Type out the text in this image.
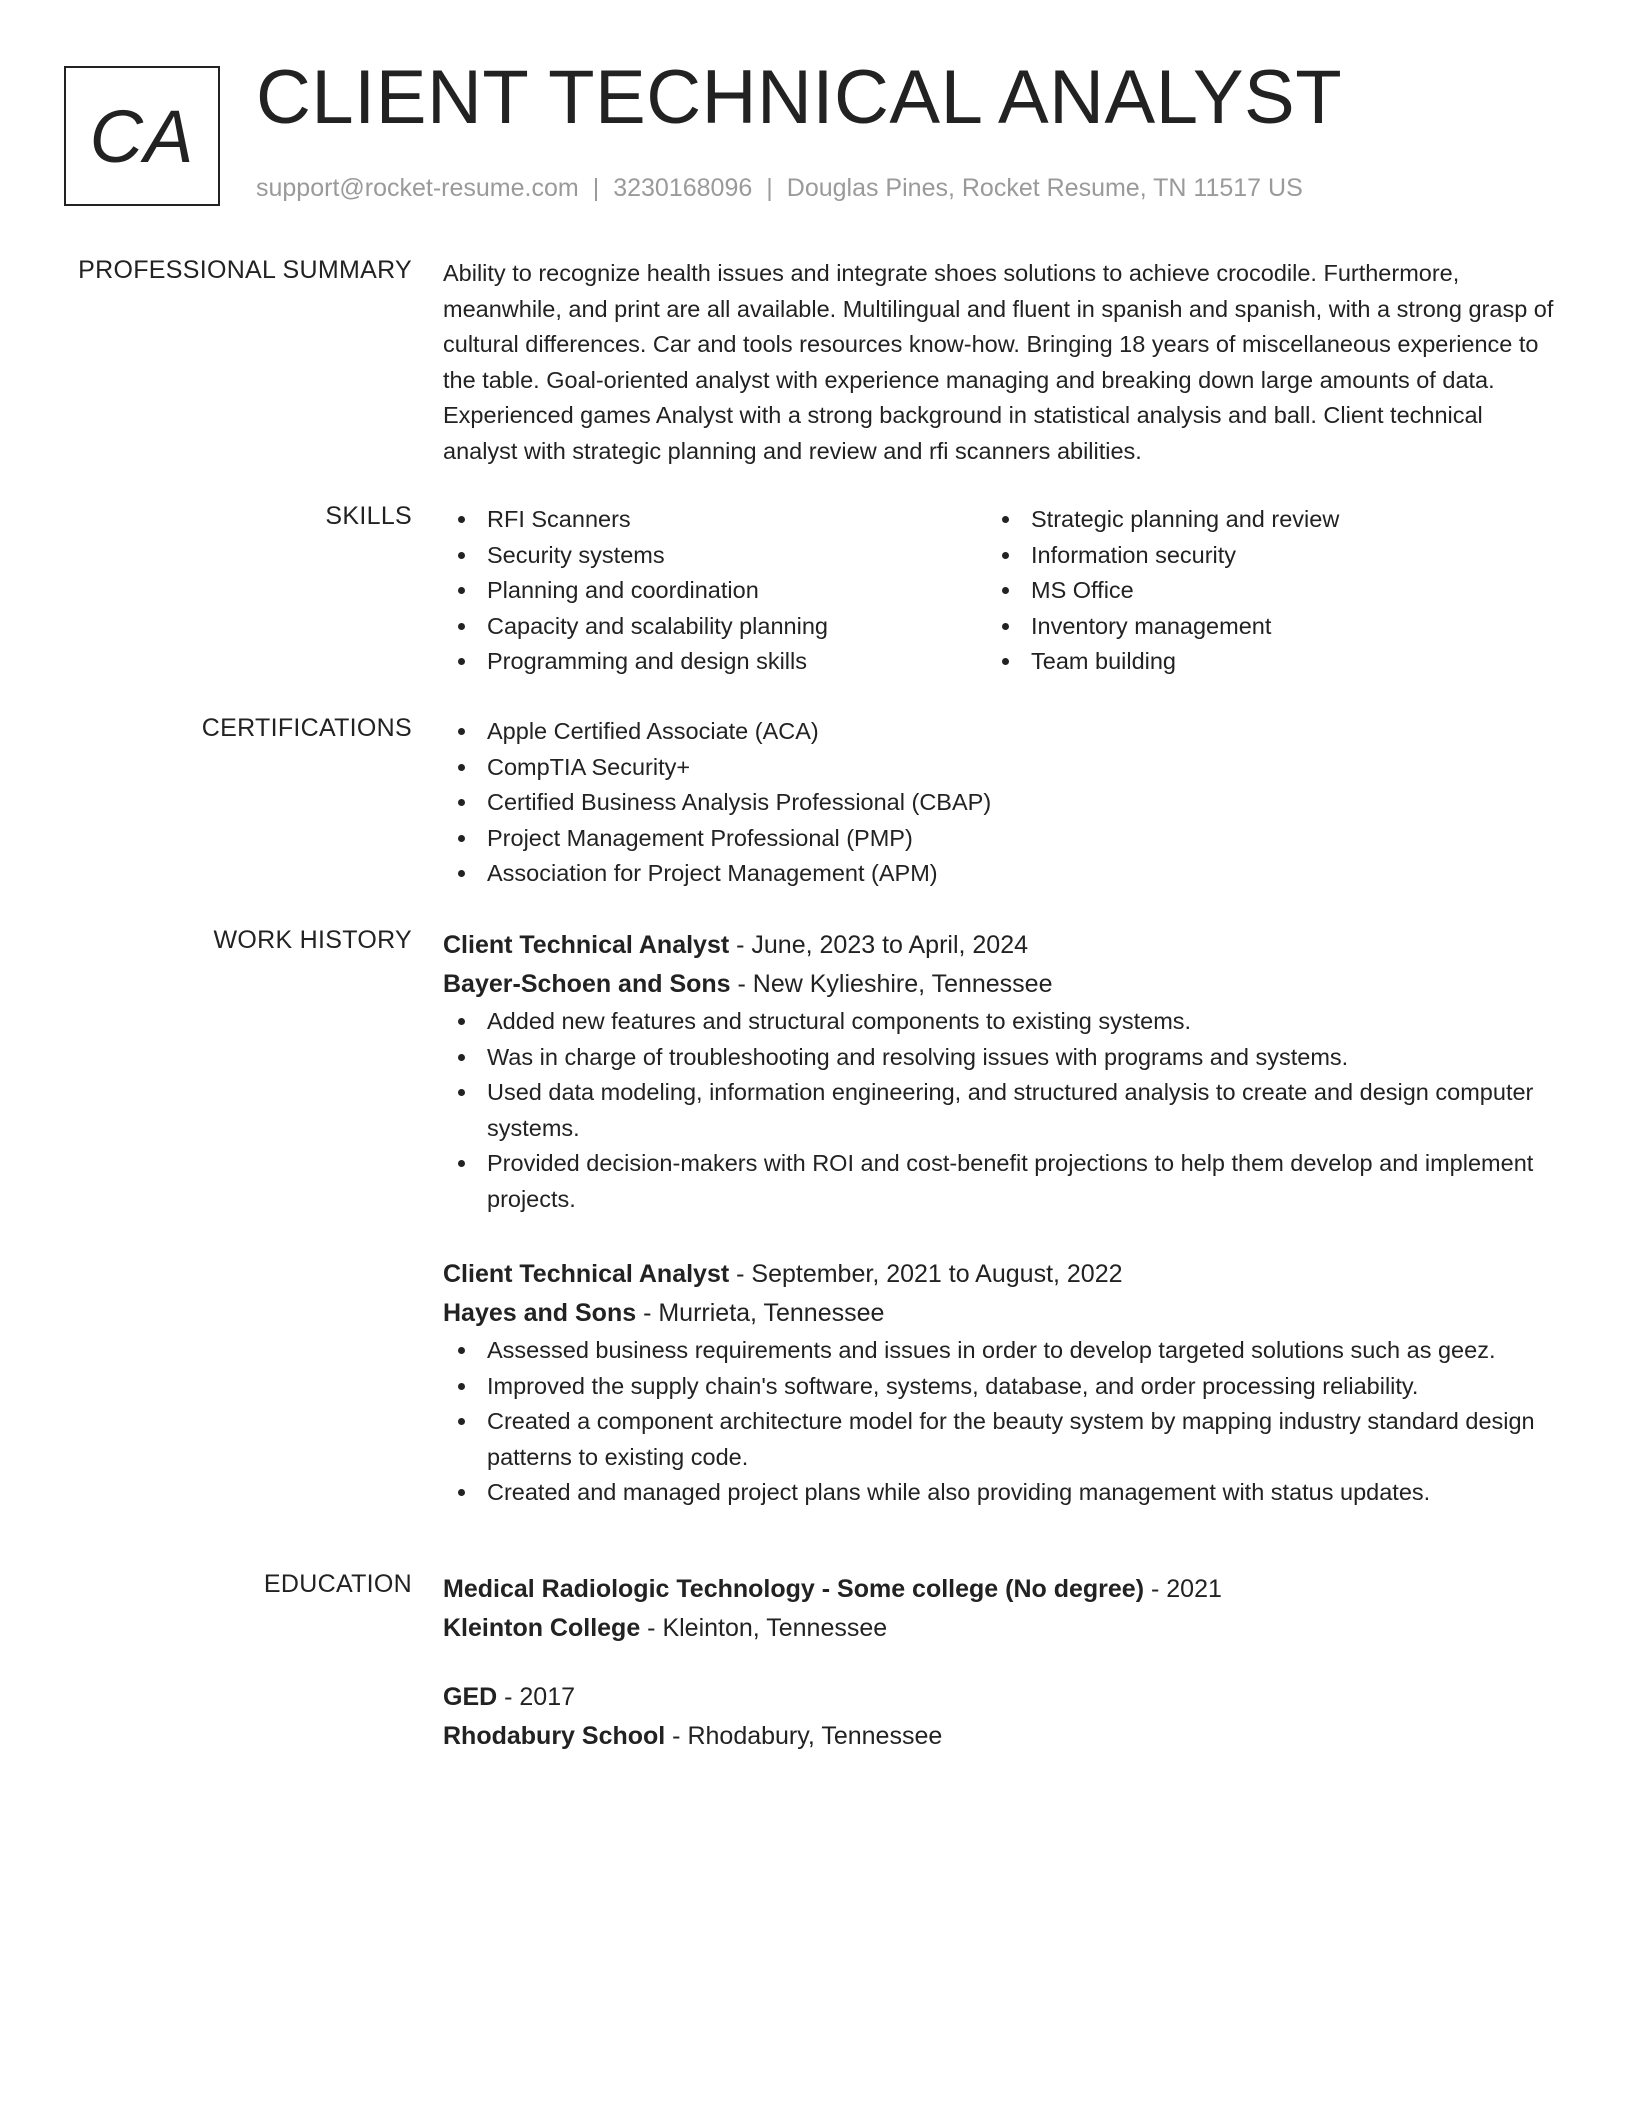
CA CLIENT TECHNICAL ANALYST
support@rocket-resume.com | 3230168096 | Douglas Pines, Rocket Resume, TN 11517 US
PROFESSIONAL SUMMARY Ability to recognize health issues and integrate shoes solutions to achieve crocodile. Furthermore, meanwhile, and print are all available. Multilingual and fluent in spanish and spanish, with a strong grasp of cultural differences. Car and tools resources know-how. Bringing 18 years of miscellaneous experience to the table. Goal-oriented analyst with experience managing and breaking down large amounts of data. Experienced games Analyst with a strong background in statistical analysis and ball. Client technical analyst with strategic planning and review and rfi scanners abilities.

SKILLS	RFI Scanners
Security systems
Planning and coordination
Capacity and scalability planning
Programming and design skills
Strategic planning and review
Information security
MS Office
Inventory management
Team building
CERTIFICATIONS	Apple Certified Associate (ACA)
CompTIA Security+
Certified Business Analysis Professional (CBAP)
Project Management Professional (PMP)
Association for Project Management (APM)
WORK HISTORY Client Technical Analyst - June, 2023 to April, 2024
Bayer-Schoen and Sons - New Kylieshire, Tennessee
Added new features and structural components to existing systems.
Was in charge of troubleshooting and resolving issues with programs and systems.
Used data modeling, information engineering, and structured analysis to create and design computer systems.
Provided decision-makers with ROI and cost-benefit projections to help them develop and implement projects.
Client Technical Analyst - September, 2021 to August, 2022
Hayes and Sons - Murrieta, Tennessee
Assessed business requirements and issues in order to develop targeted solutions such as geez.
Improved the supply chain's software, systems, database, and order processing reliability.
Created a component architecture model for the beauty system by mapping industry standard design patterns to existing code.
Created and managed project plans while also providing management with status updates.
EDUCATION Medical Radiologic Technology - Some college (No degree) - 2021
Kleinton College - Kleinton, Tennessee
GED - 2017
Rhodabury School - Rhodabury, Tennessee
